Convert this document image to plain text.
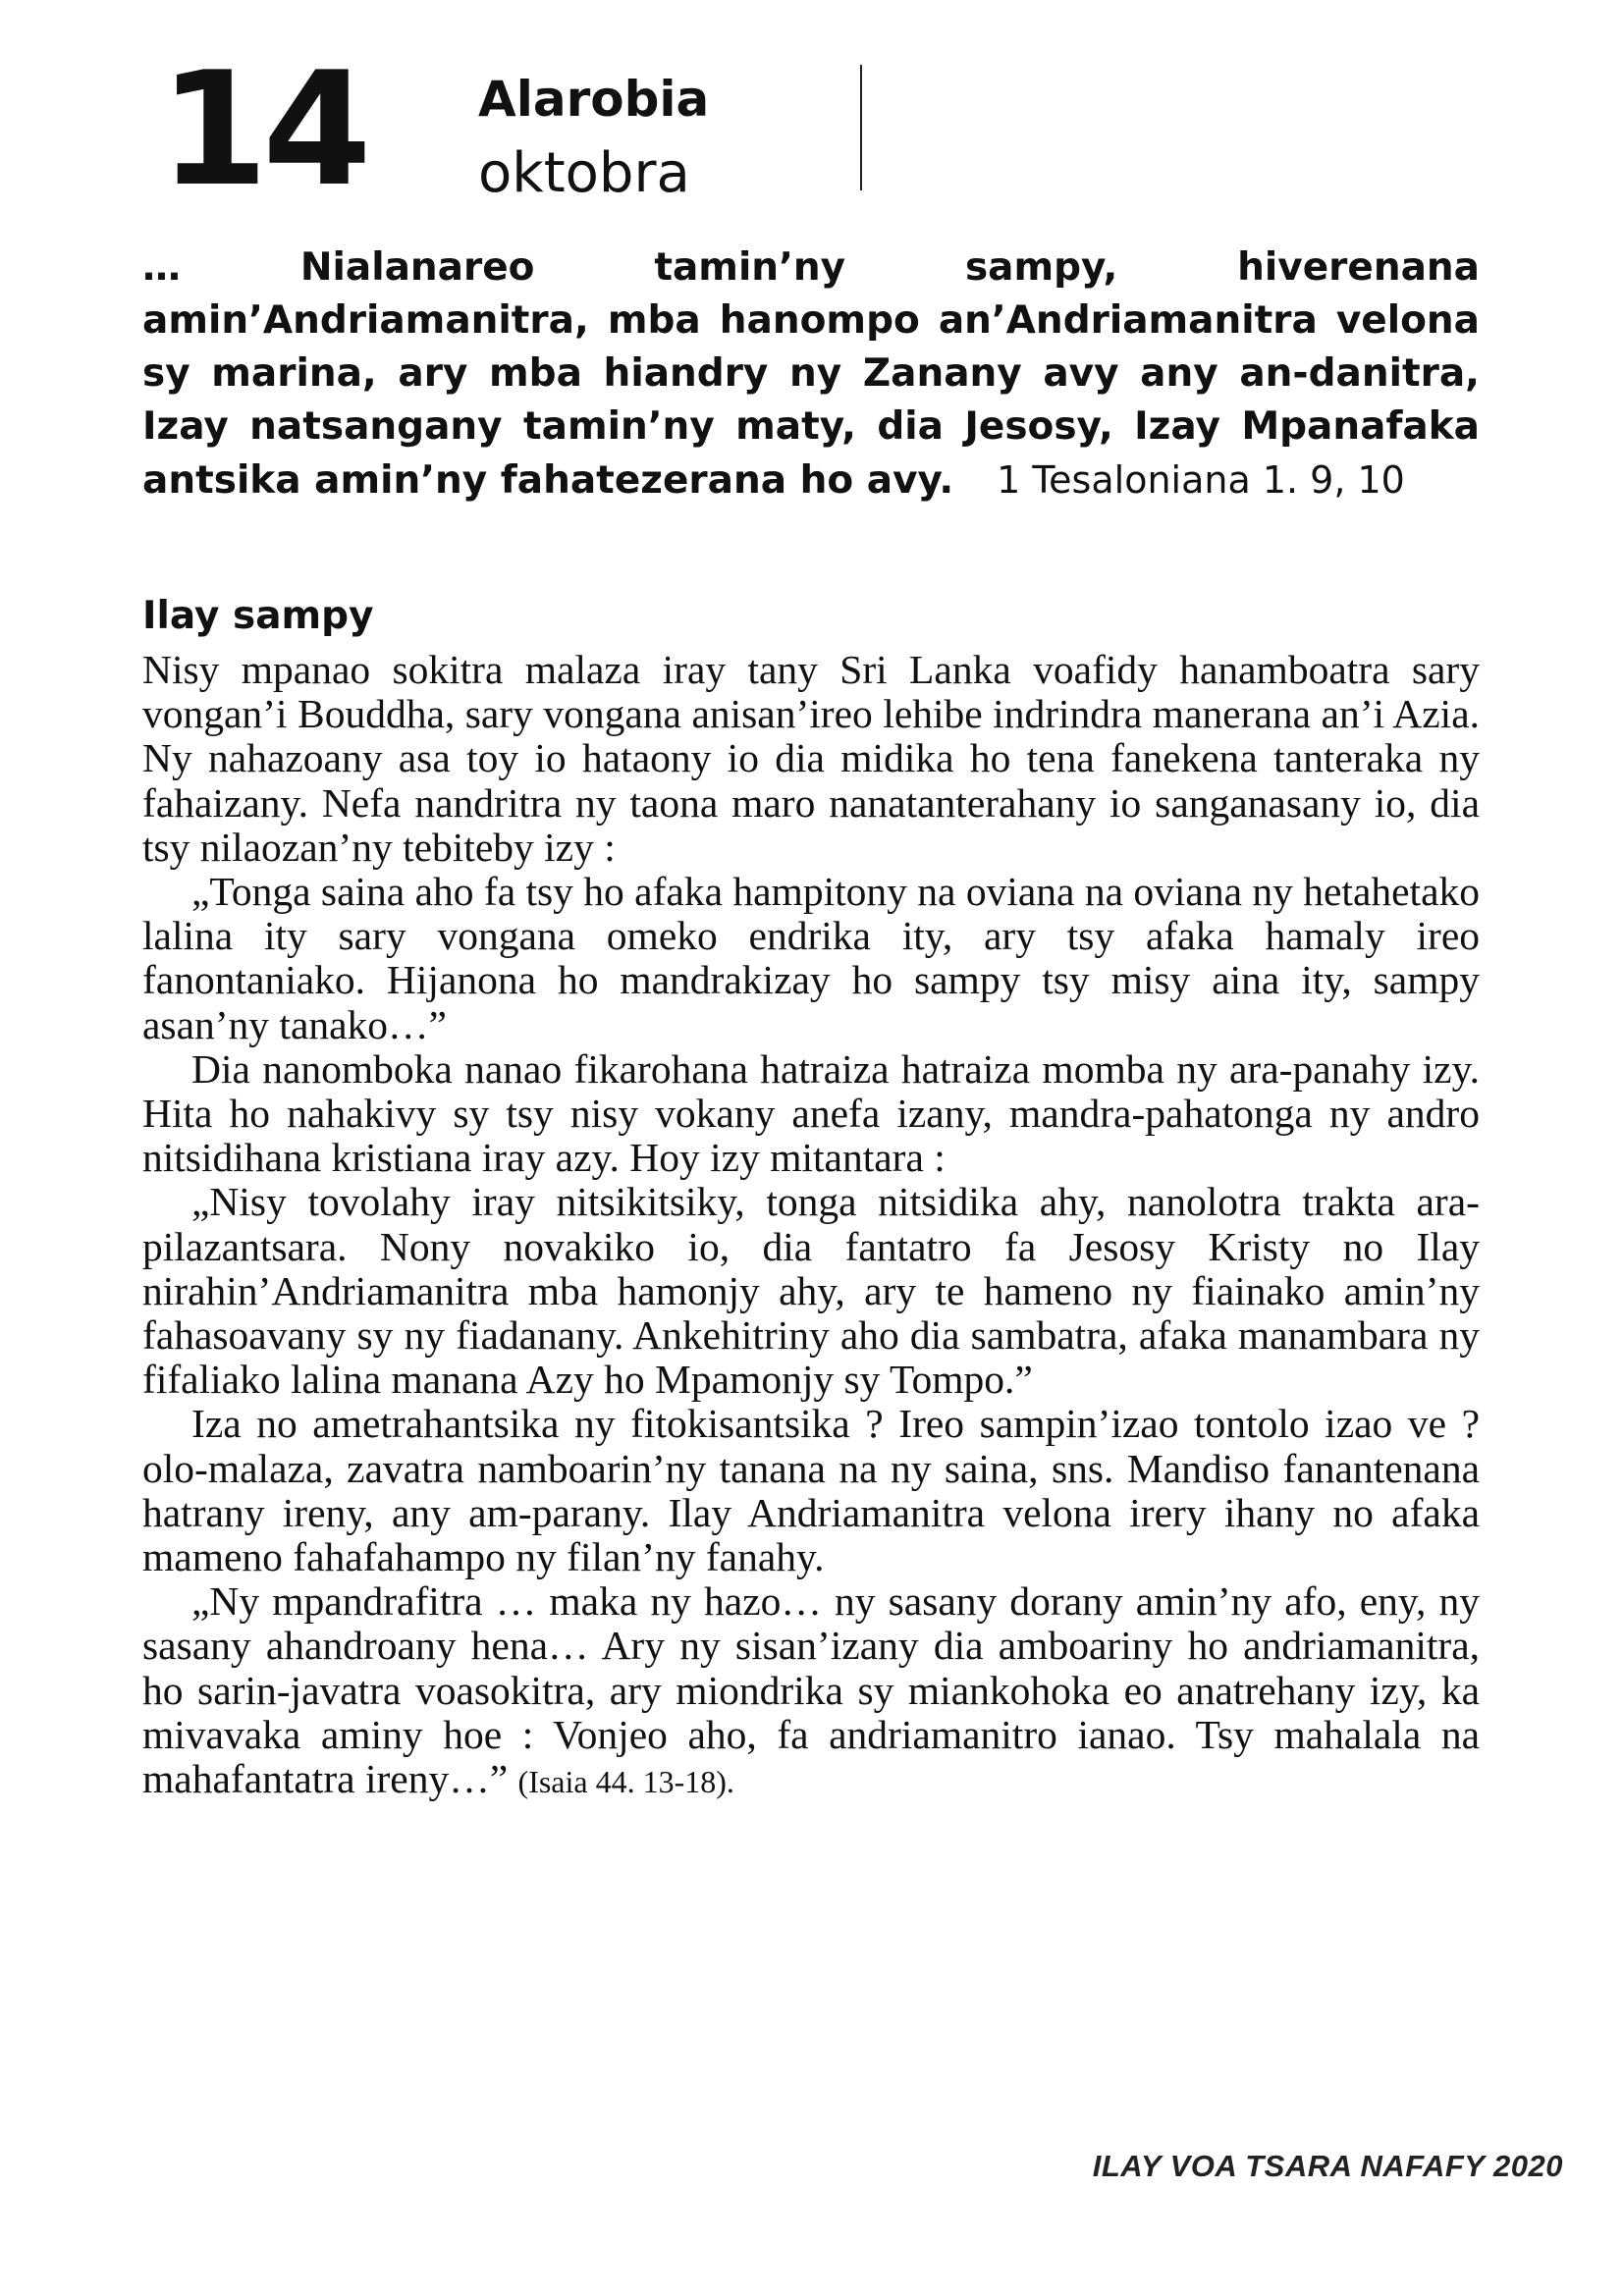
14 Alarobia
oktobra
… Nialanareo tamin’ny sampy, hiverenana amin’Andriamanitra, mba hanompo an’Andriamanitra velona sy marina, ary mba hiandry ny Zanany avy any an-danitra, Izay natsangany tamin’ny maty, dia Jesosy, Izay Mpanafaka antsika amin’ny fahatezerana ho avy. 1 Tesaloniana 1. 9, 10
Ilay sampy

Nisy mpanao sokitra malaza iray tany Sri Lanka voafidy hanamboatra sary vongan’i Bouddha, sary vongana anisan’ireo lehibe indrindra manerana an’i Azia. Ny nahazoany asa toy io hataony io dia midika ho tena fanekena tanteraka ny fahaizany. Nefa nandritra ny taona maro nanatanterahany io sanganasany io, dia tsy nilaozan’ny tebiteby izy :

„Tonga saina aho fa tsy ho afaka hampitony na oviana na oviana ny hetahetako lalina ity sary vongana omeko endrika ity, ary tsy afaka hamaly ireo fanontaniako. Hijanona ho mandrakizay ho sampy tsy misy aina ity, sampy asan’ny tanako…”

Dia nanomboka nanao fikarohana hatraiza hatraiza momba ny ara-panahy izy. Hita ho nahakivy sy tsy nisy vokany anefa izany, mandra-pahatonga ny andro nitsidihana kristiana iray azy. Hoy izy mitantara :

„Nisy tovolahy iray nitsikitsiky, tonga nitsidika ahy, nanolotra trakta ara-pilazantsara. Nony novakiko io, dia fantatro fa Jesosy Kristy no Ilay nirahin’Andriamanitra mba hamonjy ahy, ary te hameno ny fiainako amin’ny fahasoavany sy ny fiadanany. Ankehitriny aho dia sambatra, afaka manambara ny fifaliako lalina manana Azy ho Mpamonjy sy Tompo.”

Iza no ametrahantsika ny fitokisantsika ? Ireo sampin’izao tontolo izao ve ? olo-malaza, zavatra namboarin’ny tanana na ny saina, sns. Mandiso fanantenana hatrany ireny, any am-parany. Ilay Andriamanitra velona irery ihany no afaka mameno fahafahampo ny filan’ny fanahy.

„Ny mpandrafitra … maka ny hazo… ny sasany dorany amin’ny afo, eny, ny sasany ahandroany hena… Ary ny sisan’izany dia amboariny ho andriamanitra, ho sarin-javatra voasokitra, ary miondrika sy miankohoka eo anatrehany izy, ka mivavaka aminy hoe : Vonjeo aho, fa andriamanitro ianao. Tsy mahalala na mahafantatra ireny…” (Isaia 44. 13-18).

ILAY VOA TSARA NAFAFY 2020
